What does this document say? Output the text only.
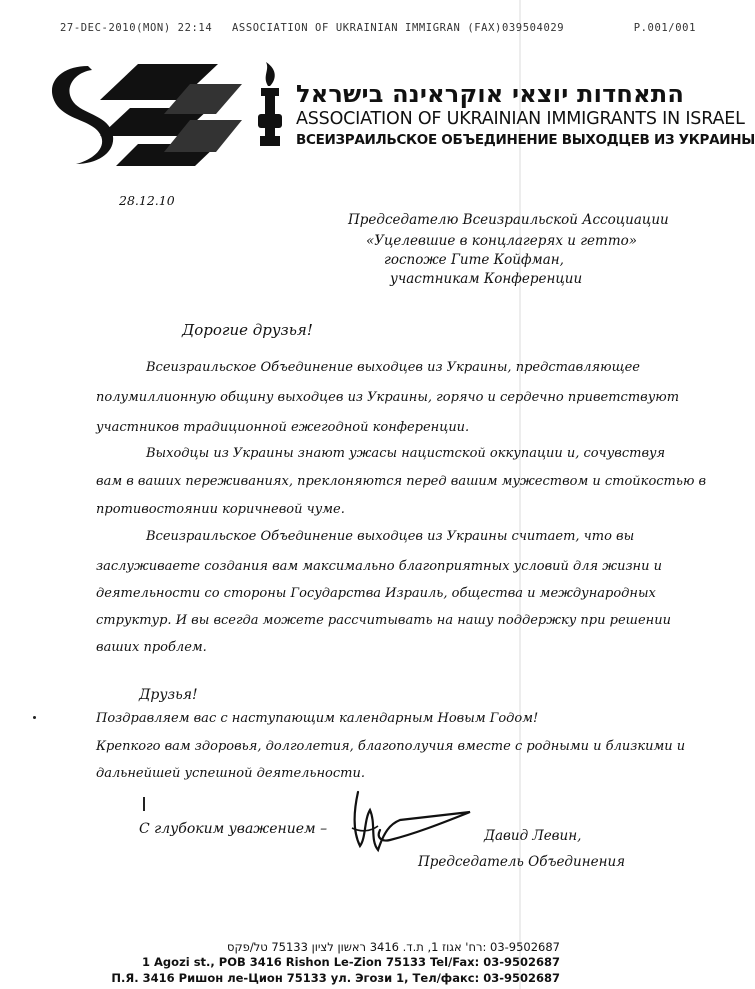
27-DEC-2010(MON) 22:14 ASSOCIATION OF UKRAINIAN IMMIGRAN (FAX)039504029	P.001/001
התאחדות יוצאי אוקראינה בישראל
ASSOCIATION OF UKRAINIAN IMMIGRANTS IN ISRAEL
ВСЕИЗРАИЛЬСКОЕ ОБЪЕДИНЕНИЕ ВЫХОДЦЕВ ИЗ УКРАИНЫ
28.12.10
Председателю Всеизраильской Ассоциации
«Уцелевшие в концлагерях и гетто»
госпоже Гите Койфман,
участникам Конференции
Дорогие друзья!
Всеизраильское Объединение выходцев из Украины, представляющее
полумиллионную общину выходцев из Украины, горячо и сердечно приветствуют
участников традиционной ежегодной конференции.
Выходцы из Украины знают ужасы нацистской оккупации и, сочувствуя
вам в ваших переживаниях, преклоняются перед вашим мужеством и стойкостью в
противостоянии коричневой чуме.
Всеизраильское Объединение выходцев из Украины считает, что вы
заслуживаете создания вам максимально благоприятных условий для жизни и
деятельности со стороны Государства Израиль, общества и международных
структур. И вы всегда можете рассчитывать на нашу поддержку при решении
ваших проблем.
Друзья!
Поздравляем вас с наступающим календарным Новым Годом!
Крепкого вам здоровья, долголетия, благополучия вместе с родными и близкими и
дальнейшей успешной деятельности.
С глубоким уважением –	Давид Левин,
Председатель Объединения
03-9502687 :רח' אגוז 1, ת.ד. 3416 ראשון לציון 75133 טל/פקס
1 Agozi st., POB 3416 Rishon Le-Zion 75133 Tel/Fax: 03-9502687
П.Я. 3416 Ришон ле-Цион 75133 ул. Эгози 1, Тел/факс: 03-9502687
